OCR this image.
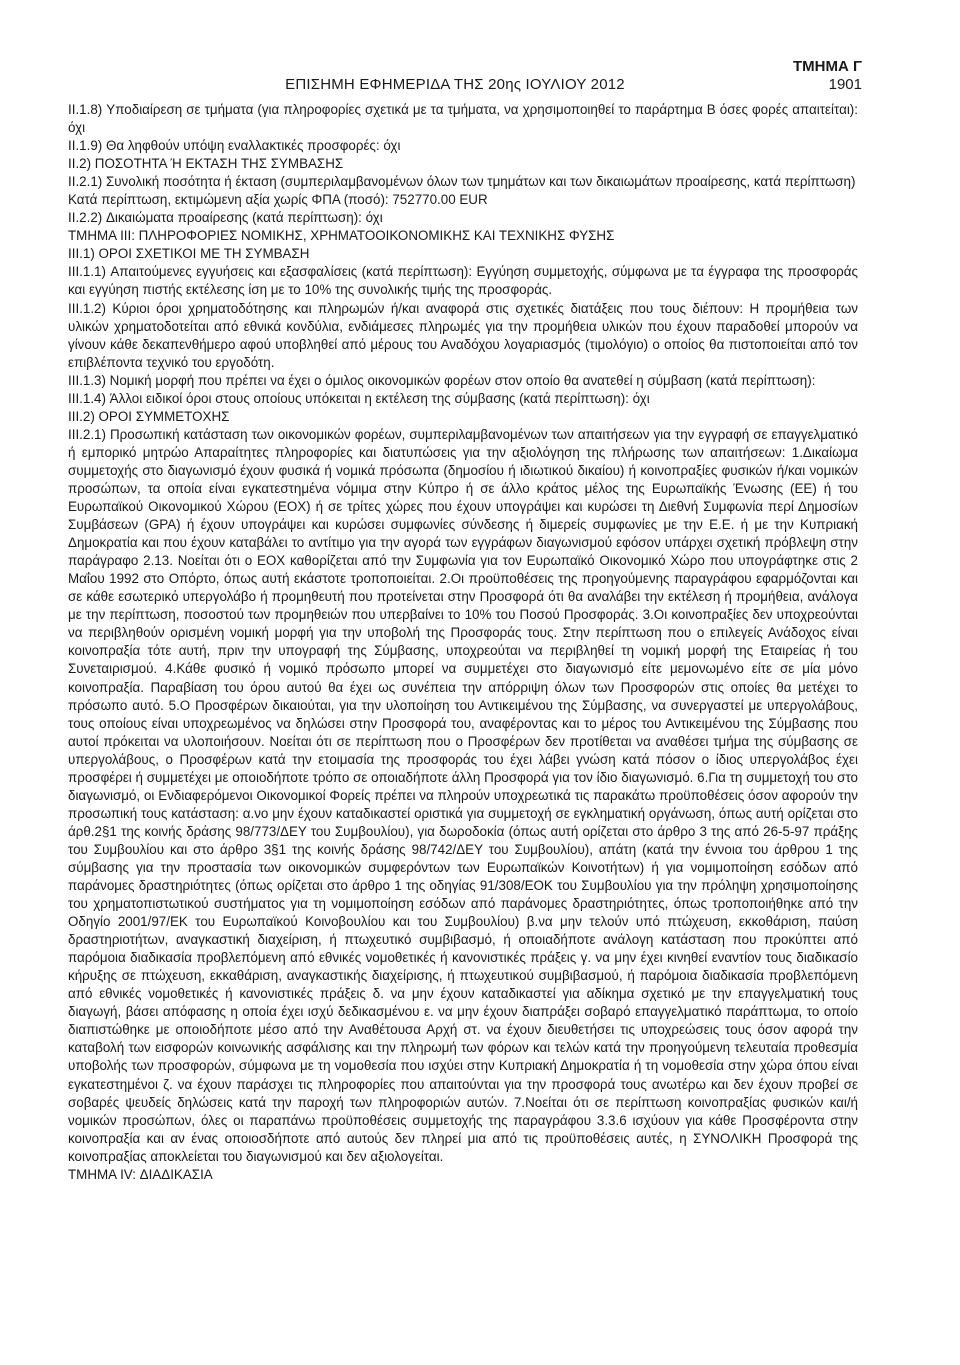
ΕΠΙΣΗΜΗ ΕΦΗΜΕΡΙΔΑ ΤΗΣ 20ης ΙΟΥΛΙΟΥ 2012
ΤΜΗΜΑ Γ
1901

II.1.8) Υποδιαίρεση σε τμήματα (για πληροφορίες σχετικά με τα τμήματα, να χρησιμοποιηθεί το παράρτημα Β όσες φορές απαιτείται): όχι

II.1.9) Θα ληφθούν υπόψη εναλλακτικές προσφορές: όχι

II.2) ΠΟΣΟΤΗΤΑ Ή ΕΚΤΑΣΗ ΤΗΣ ΣΥΜΒΑΣΗΣ

II.2.1) Συνολική ποσότητα ή έκταση (συμπεριλαμβανομένων όλων των τμημάτων και των δικαιωμάτων προαίρεσης, κατά περίπτωση)

Κατά περίπτωση, εκτιμώμενη αξία χωρίς ΦΠΑ (ποσό): 752770.00 EUR

II.2.2) Δικαιώματα προαίρεσης (κατά περίπτωση): όχι

ΤΜΗΜΑ III: ΠΛΗΡΟΦΟΡΙΕΣ ΝΟΜΙΚΗΣ, ΧΡΗΜΑΤΟΟΙΚΟΝΟΜΙΚΗΣ ΚΑΙ ΤΕΧΝΙΚΗΣ ΦΥΣΗΣ

III.1) ΟΡΟΙ ΣΧΕΤΙΚΟΙ ΜΕ ΤΗ ΣΥΜΒΑΣΗ

III.1.1) Απαιτούμενες εγγυήσεις και εξασφαλίσεις (κατά περίπτωση): Εγγύηση συμμετοχής, σύμφωνα με τα έγγραφα της προσφοράς και εγγύηση πιστής εκτέλεσης ίση με το 10% της συνολικής τιμής της προσφοράς.

III.1.2) Κύριοι όροι χρηματοδότησης και πληρωμών ή/και αναφορά στις σχετικές διατάξεις που τους διέπουν: Η προμήθεια των υλικών χρηματοδοτείται από εθνικά κονδύλια, ενδιάμεσες πληρωμές για την προμήθεια υλικών που έχουν παραδοθεί μπορούν να γίνουν κάθε δεκαπενθήμερο αφού υποβληθεί από μέρους του Αναδόχου λογαριασμός (τιμολόγιο) ο οποίος θα πιστοποιείται από τον επιβλέποντα τεχνικό του εργοδότη.

III.1.3) Νομική μορφή που πρέπει να έχει ο όμιλος οικονομικών φορέων στον οποίο θα ανατεθεί η σύμβαση (κατά περίπτωση):

III.1.4) Άλλοι ειδικοί όροι στους οποίους υπόκειται η εκτέλεση της σύμβασης (κατά περίπτωση): όχι

III.2) ΟΡΟΙ ΣΥΜΜΕΤΟΧΗΣ

III.2.1) Προσωπική κατάσταση των οικονομικών φορέων, συμπεριλαμβανομένων των απαιτήσεων για την εγγραφή σε επαγγελματικό ή εμπορικό μητρώο Απαραίτητες πληροφορίες και διατυπώσεις για την αξιολόγηση της πλήρωσης των απαιτήσεων: 1.Δικαίωμα συμμετοχής στο διαγωνισμό έχουν φυσικά ή νομικά πρόσωπα (δημοσίου ή ιδιωτικού δικαίου) ή κοινοπραξίες φυσικών ή/και νομικών προσώπων, τα οποία είναι εγκατεστημένα νόμιμα στην Κύπρο ή σε άλλο κράτος μέλος της Ευρωπαϊκής Ένωσης (ΕΕ) ή του Ευρωπαϊκού Οικονομικού Χώρου (ΕΟΧ) ή σε τρίτες χώρες που έχουν υπογράψει και κυρώσει τη Διεθνή Συμφωνία περί Δημοσίων Συμβάσεων (GPA) ή έχουν υπογράψει και κυρώσει συμφωνίες σύνδεσης ή διμερείς συμφωνίες με την Ε.Ε. ή με την Κυπριακή Δημοκρατία και που έχουν καταβάλει το αντίτιμο για την αγορά των εγγράφων διαγωνισμού εφόσον υπάρχει σχετική πρόβλεψη στην παράγραφο 2.13. Νοείται ότι ο ΕΟΧ καθορίζεται από την Συμφωνία για τον Ευρωπαϊκό Οικονομικό Χώρο που υπογράφτηκε στις 2 Μαΐου 1992 στο Οπόρτο, όπως αυτή εκάστοτε τροποποιείται. 2.Οι προϋποθέσεις της προηγούμενης παραγράφου εφαρμόζονται και σε κάθε εσωτερικό υπεργολάβο ή προμηθευτή που προτείνεται στην Προσφορά ότι θα αναλάβει την εκτέλεση ή προμήθεια, ανάλογα με την περίπτωση, ποσοστού των προμηθειών που υπερβαίνει το 10% του Ποσού Προσφοράς. 3.Οι κοινοπραξίες δεν υποχρεούνται να περιβληθούν ορισμένη νομική μορφή για την υποβολή της Προσφοράς τους. Στην περίπτωση που ο επιλεγείς Ανάδοχος είναι κοινοπραξία τότε αυτή, πριν την υπογραφή της Σύμβασης, υποχρεούται να περιβληθεί τη νομική μορφή της Εταιρείας ή του Συνεταιρισμού. 4.Κάθε φυσικό ή νομικό πρόσωπο μπορεί να συμμετέχει στο διαγωνισμό είτε μεμονωμένο είτε σε μία μόνο κοινοπραξία. Παραβίαση του όρου αυτού θα έχει ως συνέπεια την απόρριψη όλων των Προσφορών στις οποίες θα μετέχει το πρόσωπο αυτό. 5.Ο Προσφέρων δικαιούται, για την υλοποίηση του Αντικειμένου της Σύμβασης, να συνεργαστεί με υπεργολάβους, τους οποίους είναι υποχρεωμένος να δηλώσει στην Προσφορά του, αναφέροντας και το μέρος του Αντικειμένου της Σύμβασης που αυτοί πρόκειται να υλοποιήσουν. Νοείται ότι σε περίπτωση που ο Προσφέρων δεν προτίθεται να αναθέσει τμήμα της σύμβασης σε υπεργολάβους, ο Προσφέρων κατά την ετοιμασία της προσφοράς του έχει λάβει γνώση κατά πόσον ο ίδιος υπεργολάβος έχει προσφέρει ή συμμετέχει με οποιοδήποτε τρόπο σε οποιαδήποτε άλλη Προσφορά για τον ίδιο διαγωνισμό. 6.Για τη συμμετοχή του στο διαγωνισμό, οι Ενδιαφερόμενοι Οικονομικοί Φορείς πρέπει να πληρούν υποχρεωτικά τις παρακάτω προϋποθέσεις όσον αφορούν την προσωπική τους κατάσταση: α.νο μην έχουν καταδικαστεί οριστικά για συμμετοχή σε εγκληματική οργάνωση, όπως αυτή ορίζεται στο άρθ.2§1 της κοινής δράσης 98/773/ΔΕΥ του Συμβουλίου), για δωροδοκία (όπως αυτή ορίζεται στο άρθρο 3 της από 26-5-97 πράξης του Συμβουλίου και στο άρθρο 3§1 της κοινής δράσης 98/742/ΔΕΥ του Συμβουλίου), απάτη (κατά την έννοια του άρθρου 1 της σύμβασης για την προστασία των οικονομικών συμφερόντων των Ευρωπαϊκών Κοινοτήτων) ή για νομιμοποίηση εσόδων από παράνομες δραστηριότητες (όπως ορίζεται στο άρθρο 1 της οδηγίας 91/308/ΕΟΚ του Συμβουλίου για την πρόληψη χρησιμοποίησης του χρηματοπιστωτικού συστήματος για τη νομιμοποίηση εσόδων από παράνομες δραστηριότητες, όπως τροποποιήθηκε από την Οδηγίο 2001/97/ΕΚ του Ευρωπαϊκού Κοινοβουλίου και του Συμβουλίου) β.να μην τελούν υπό πτώχευση, εκκοθάριση, παύση δραστηριοτήτων, αναγκαστική διαχείριση, ή πτωχευτικό συμβιβασμό, ή οποιαδήποτε ανάλογη κατάσταση που προκύπτει από παρόμοια διαδικασία προβλεπόμενη από εθνικές νομοθετικές ή κανονιστικές πράξεις γ. να μην έχει κινηθεί εναντίον τους διαδικασίο κήρυξης σε πτώχευση, εκκαθάριση, αναγκαστικής διαχείρισης, ή πτωχευτικού συμβιβασμού, ή παρόμοια διαδικασία προβλεπόμενη από εθνικές νομοθετικές ή κανονιστικές πράξεις δ. να μην έχουν καταδικαστεί για αδίκημα σχετικό με την επαγγελματική τους διαγωγή, βάσει απόφασης η οποία έχει ισχύ δεδικασμένου ε. να μην έχουν διαπράξει σοβαρό επαγγελματικό παράπτωμα, το οποίο διαπιστώθηκε με οποιοδήποτε μέσο από την Αναθέτουσα Αρχή στ. να έχουν διευθετήσει τις υποχρεώσεις τους όσον αφορά την καταβολή των εισφορών κοινωνικής ασφάλισης και την πληρωμή των φόρων και τελών κατά την προηγούμενη τελευταία προθεσμία υποβολής των προσφορών, σύμφωνα με τη νομοθεσία που ισχύει στην Κυπριακή Δημοκρατία ή τη νομοθεσία στην χώρα όπου είναι εγκατεστημένοι ζ. να έχουν παράσχει τις πληροφορίες που απαιτούνται για την προσφορά τους ανωτέρω και δεν έχουν προβεί σε σοβαρές ψευδείς δηλώσεις κατά την παροχή των πληροφοριών αυτών. 7.Νοείται ότι σε περίπτωση κοινοπραξίας φυσικών και/ή νομικών προσώπων, όλες οι παραπάνω προϋποθέσεις συμμετοχής της παραγράφου 3.3.6 ισχύουν για κάθε Προσφέροντα στην κοινοπραξία και αν ένας οποιοσδήποτε από αυτούς δεν πληρεί μια από τις προϋποθέσεις αυτές, η ΣΥΝΟΛΙΚΗ Προσφορά της κοινοπραξίας αποκλείεται του διαγωνισμού και δεν αξιολογείται.

ΤΜΗΜΑ IV: ΔΙΑΔΙΚΑΣΙΑ
